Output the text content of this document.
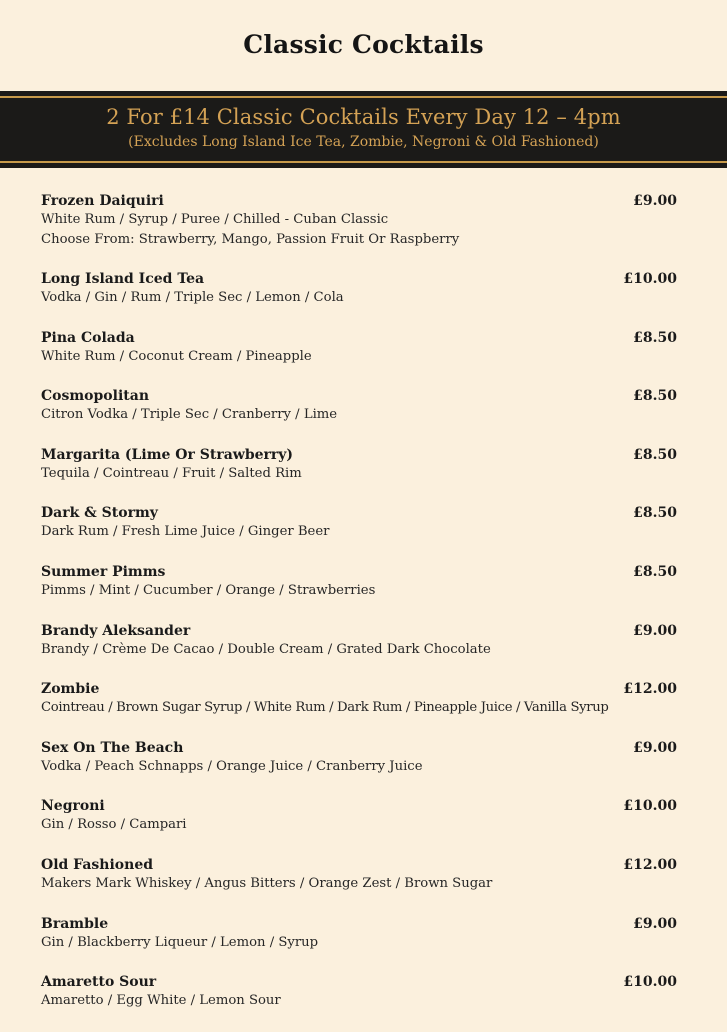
Classic Cocktails
2 For £14 Classic Cocktails Every Day 12 – 4pm
(Excludes Long Island Ice Tea, Zombie, Negroni & Old Fashioned)
Frozen Daiquiri	£9.00
White Rum / Syrup / Puree / Chilled - Cuban Classic
Choose From: Strawberry, Mango, Passion Fruit Or Raspberry
Long Island Iced Tea	£10.00
Vodka / Gin / Rum / Triple Sec / Lemon / Cola
Pina Colada	£8.50
White Rum / Coconut Cream / Pineapple
Cosmopolitan	£8.50
Citron Vodka / Triple Sec / Cranberry / Lime
Margarita (Lime Or Strawberry)	£8.50
Tequila / Cointreau / Fruit / Salted Rim
Dark & Stormy	£8.50
Dark Rum / Fresh Lime Juice / Ginger Beer
Summer Pimms	£8.50
Pimms / Mint / Cucumber / Orange / Strawberries
Brandy Aleksander	£9.00
Brandy / Crème De Cacao / Double Cream / Grated Dark Chocolate
Zombie	£12.00
Cointreau / Brown Sugar Syrup / White Rum / Dark Rum / Pineapple Juice / Vanilla Syrup
Sex On The Beach	£9.00
Vodka / Peach Schnapps / Orange Juice / Cranberry Juice
Negroni	£10.00
Gin / Rosso / Campari
Old Fashioned	£12.00
Makers Mark Whiskey / Angus Bitters / Orange Zest / Brown Sugar
Bramble	£9.00
Gin / Blackberry Liqueur / Lemon / Syrup
Amaretto Sour	£10.00
Amaretto / Egg White / Lemon Sour
